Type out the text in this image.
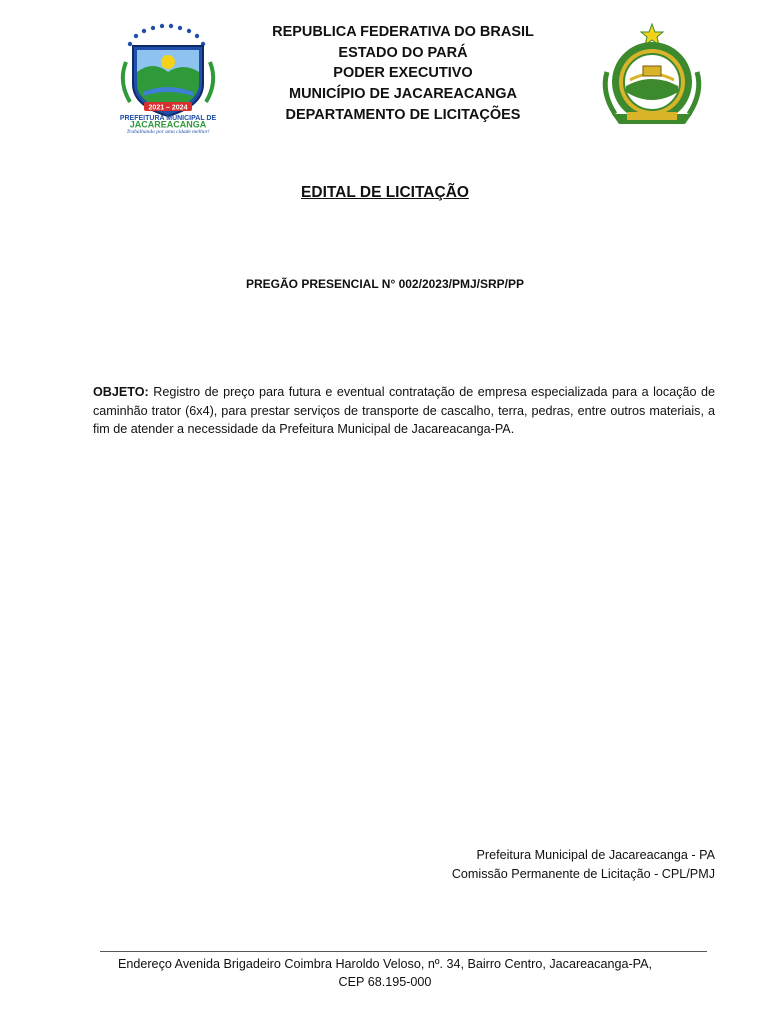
2021 – 2024
PREFEITURA MUNICIPAL DE
JACAREACANGA
Trabalhando por uma cidade melhor!
REPUBLICA FEDERATIVA DO BRASIL
ESTADO DO PARÁ
PODER EXECUTIVO
MUNICÍPIO DE JACAREACANGA
DEPARTAMENTO DE LICITAÇÕES
EDITAL DE LICITAÇÃO
PREGÃO PRESENCIAL N° 002/2023/PMJ/SRP/PP
OBJETO: Registro de preço para futura e eventual contratação de empresa especializada para a locação de caminhão trator (6x4), para prestar serviços de transporte de cascalho, terra, pedras, entre outros materiais, a fim de atender a necessidade da Prefeitura Municipal de Jacareacanga-PA.
Prefeitura Municipal de Jacareacanga - PA
Comissão Permanente de Licitação - CPL/PMJ
Endereço Avenida Brigadeiro Coimbra Haroldo Veloso, nº. 34, Bairro Centro, Jacareacanga-PA,
CEP 68.195-000
